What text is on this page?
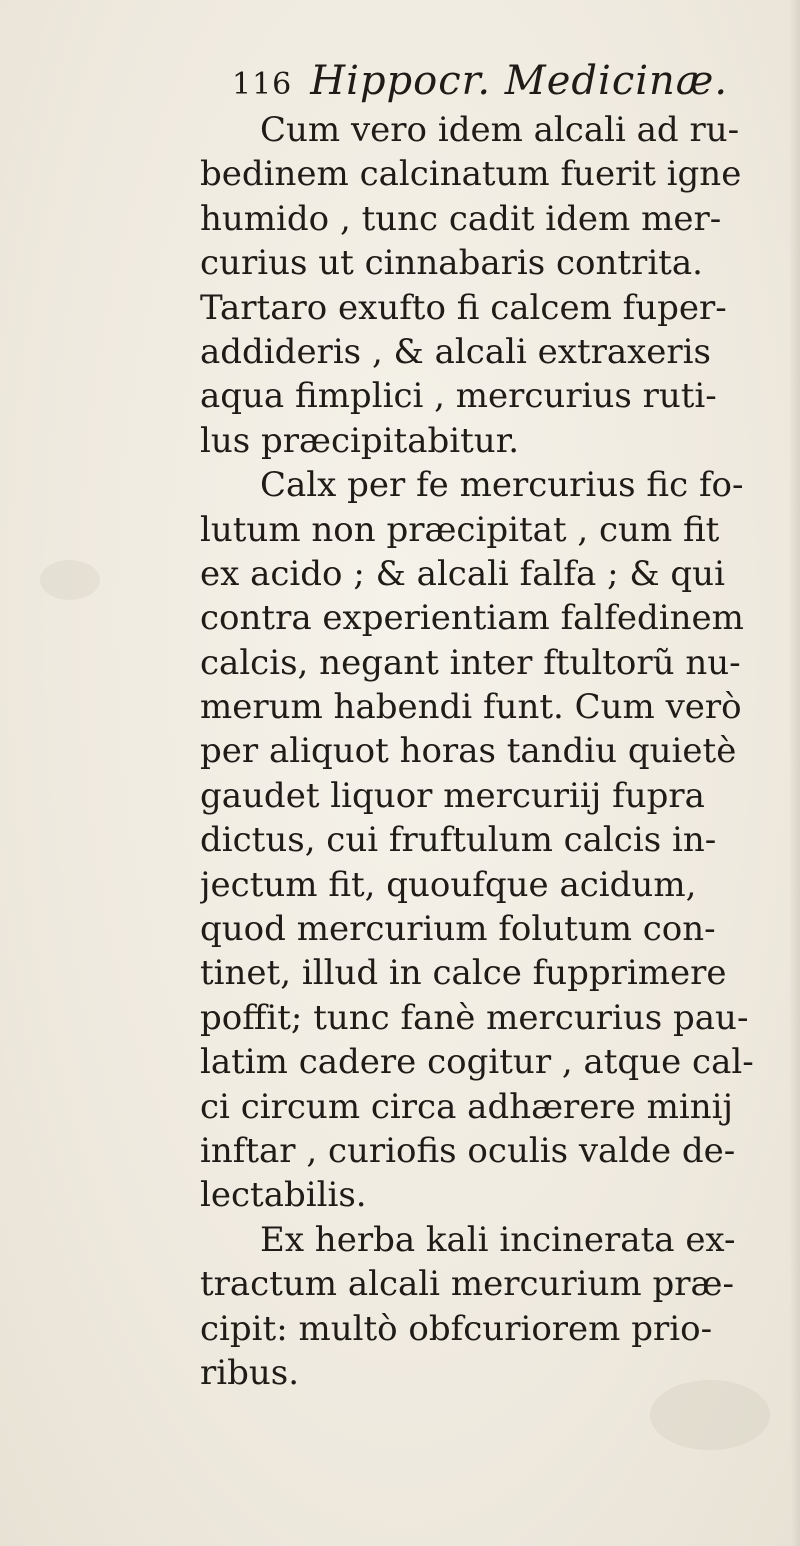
116 Hippocr. Medicinæ.
Cum vero idem alcali ad ru-
bedinem calcinatum fuerit igne
humido , tunc cadit idem mer-
curius ut cinnabaris contrita.
Tartaro exufto fi calcem fuper-
addideris , & alcali extraxeris
aqua fimplici , mercurius ruti-
lus præcipitabitur.
Calx per fe mercurius fic fo-
lutum non præcipitat , cum fit
ex acido ; & alcali falfa ; & qui
contra experientiam falfedinem
calcis, negant inter ftultorũ nu-
merum habendi funt. Cum verò
per aliquot horas tandiu quietè
gaudet liquor mercuriij fupra
dictus, cui fruftulum calcis in-
jectum fit, quoufque acidum,
quod mercurium folutum con-
tinet, illud in calce fupprimere
poffit; tunc fanè mercurius pau-
latim cadere cogitur , atque cal-
ci circum circa adhærere minij
inftar , curiofis oculis valde de-
lectabilis.
Ex herba kali incinerata ex-
tractum alcali mercurium præ-
cipit: multò obfcuriorem prio-
ribus.
